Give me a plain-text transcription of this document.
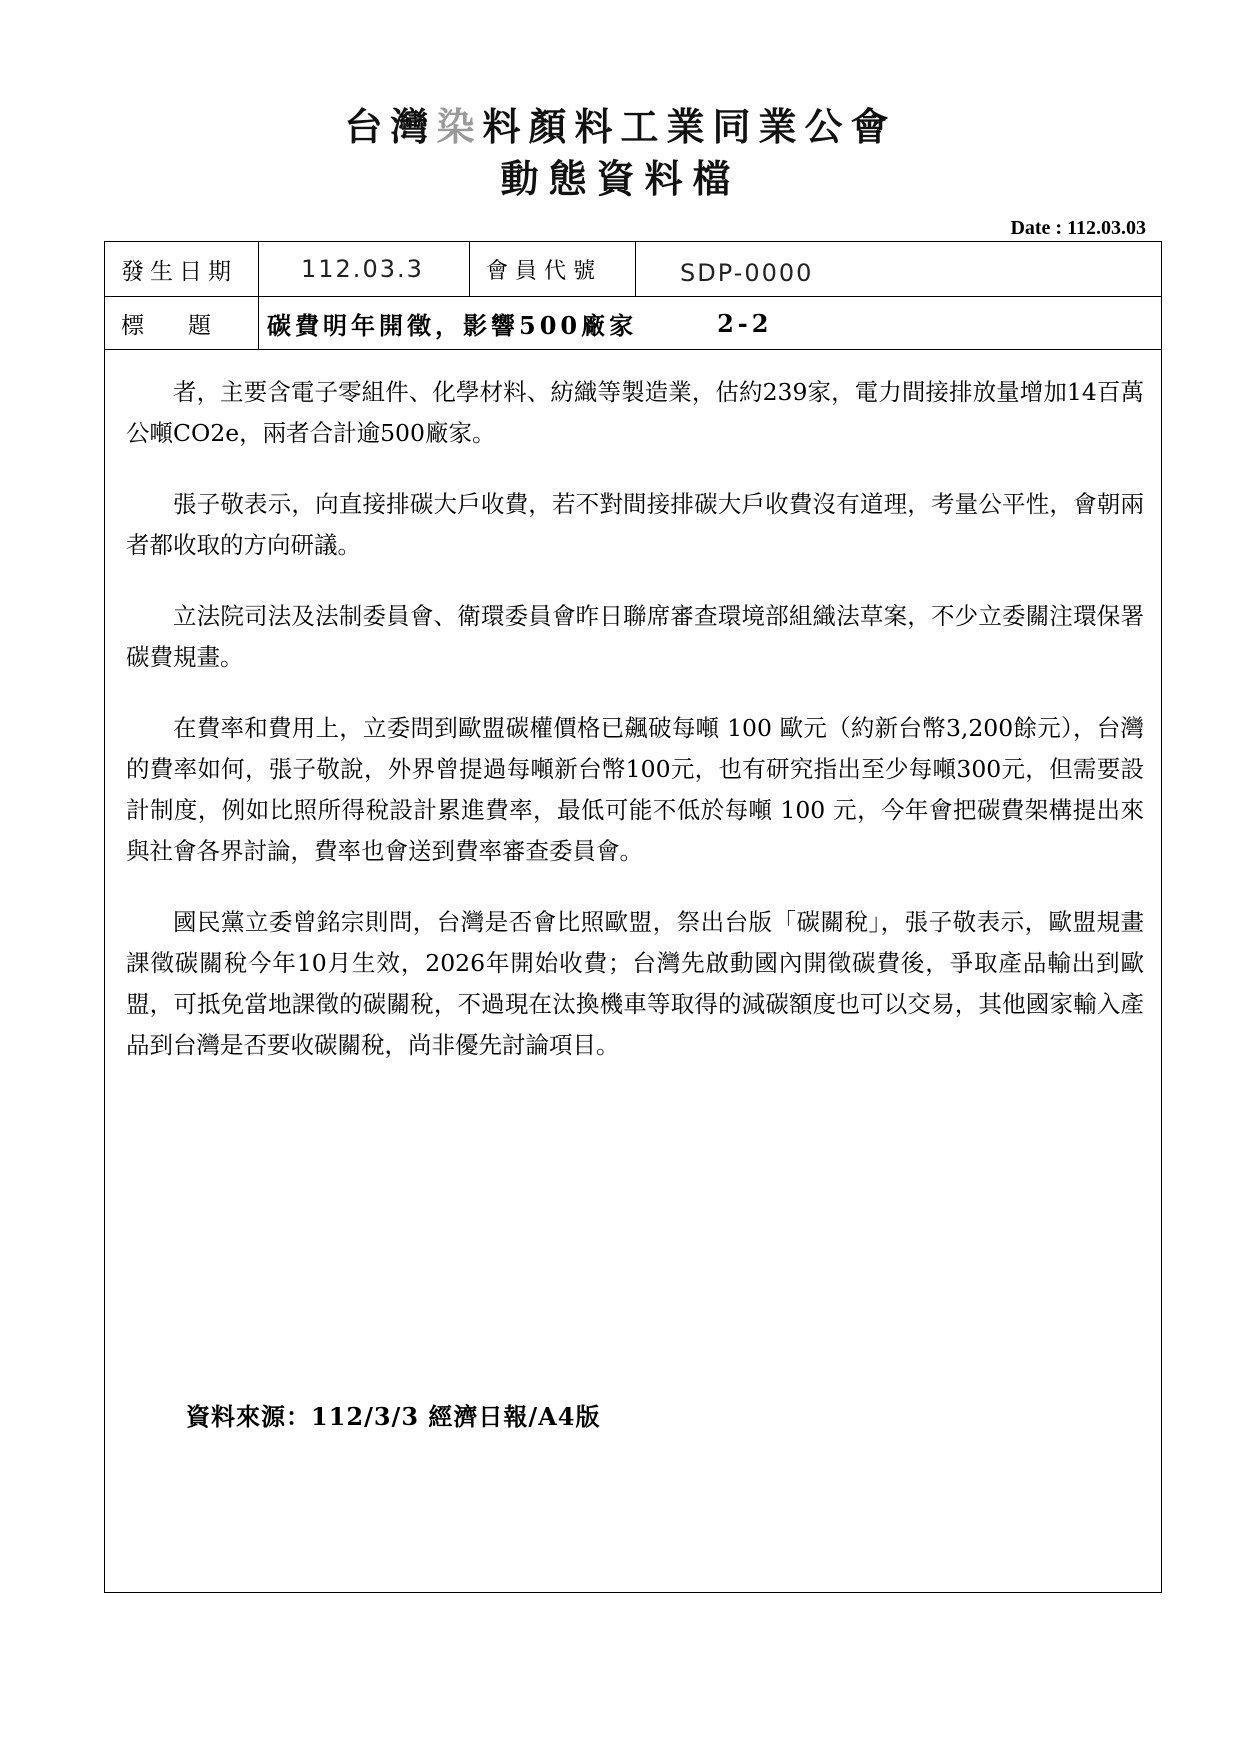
台灣染料顏料工業同業公會
動態資料檔
Date : 112.03.03
發生日期	112.03.3	會員代號	SDP-0000
標 題 碳費明年開徵，影響500廠家	2-2

者，主要含電子零組件、化學材料、紡織等製造業，估約239家，電力間接排放量增加14百萬公噸CO2e，兩者合計逾500廠家。

張子敬表示，向直接排碳大戶收費，若不對間接排碳大戶收費沒有道理，考量公平性，會朝兩者都收取的方向研議。

立法院司法及法制委員會、衛環委員會昨日聯席審查環境部組織法草案，不少立委關注環保署碳費規畫。

在費率和費用上，立委問到歐盟碳權價格已飆破每噸 100 歐元（約新台幣3,200餘元），台灣的費率如何，張子敬說，外界曾提過每噸新台幣100元，也有研究指出至少每噸300元，但需要設計制度，例如比照所得稅設計累進費率，最低可能不低於每噸 100 元，今年會把碳費架構提出來與社會各界討論，費率也會送到費率審查委員會。

國民黨立委曾銘宗則問，台灣是否會比照歐盟，祭出台版「碳關稅」，張子敬表示，歐盟規畫課徵碳關稅今年10月生效，2026年開始收費；台灣先啟動國內開徵碳費後，爭取產品輸出到歐盟，可抵免當地課徵的碳關稅，不過現在汰換機車等取得的減碳額度也可以交易，其他國家輸入產品到台灣是否要收碳關稅，尚非優先討論項目。

資料來源：112/3/3 經濟日報/A4版
